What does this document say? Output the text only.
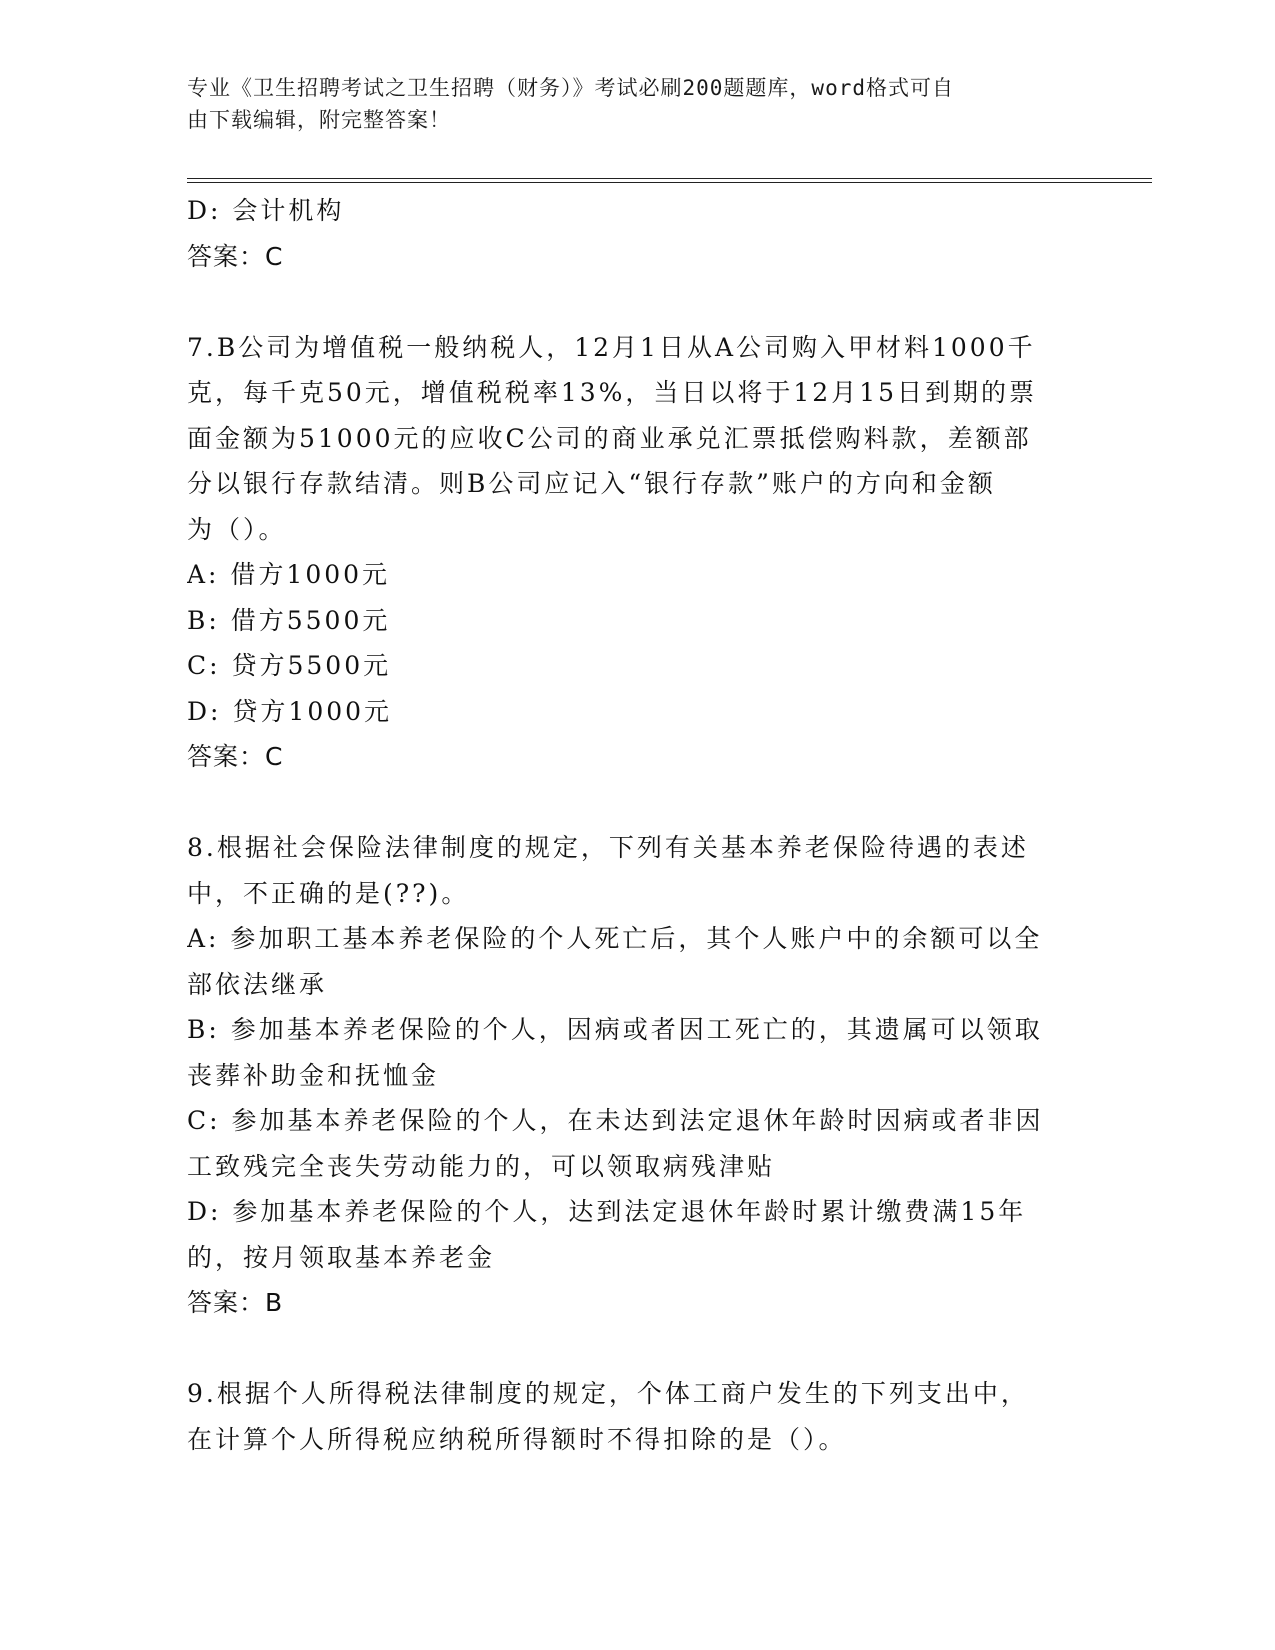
专业《卫生招聘考试之卫生招聘（财务）》考试必刷200题题库，word格式可自
由下载编辑，附完整答案！
D: 会计机构
答案：C
7.B公司为增值税一般纳税人，12月1日从A公司购入甲材料1000千
克，每千克50元，增值税税率13%，当日以将于12月15日到期的票
面金额为51000元的应收C公司的商业承兑汇票抵偿购料款，差额部
分以银行存款结清。则B公司应记入“银行存款”账户的方向和金额
为（）。
A: 借方1000元
B: 借方5500元
C: 贷方5500元
D: 贷方1000元
答案：C
8.根据社会保险法律制度的规定，下列有关基本养老保险待遇的表述
中，不正确的是(??)。
A: 参加职工基本养老保险的个人死亡后，其个人账户中的余额可以全
部依法继承
B: 参加基本养老保险的个人，因病或者因工死亡的，其遗属可以领取
丧葬补助金和抚恤金
C: 参加基本养老保险的个人，在未达到法定退休年龄时因病或者非因
工致残完全丧失劳动能力的，可以领取病残津贴
D: 参加基本养老保险的个人，达到法定退休年龄时累计缴费满15年
的，按月领取基本养老金
答案：B
9.根据个人所得税法律制度的规定，个体工商户发生的下列支出中，
在计算个人所得税应纳税所得额时不得扣除的是（）。
